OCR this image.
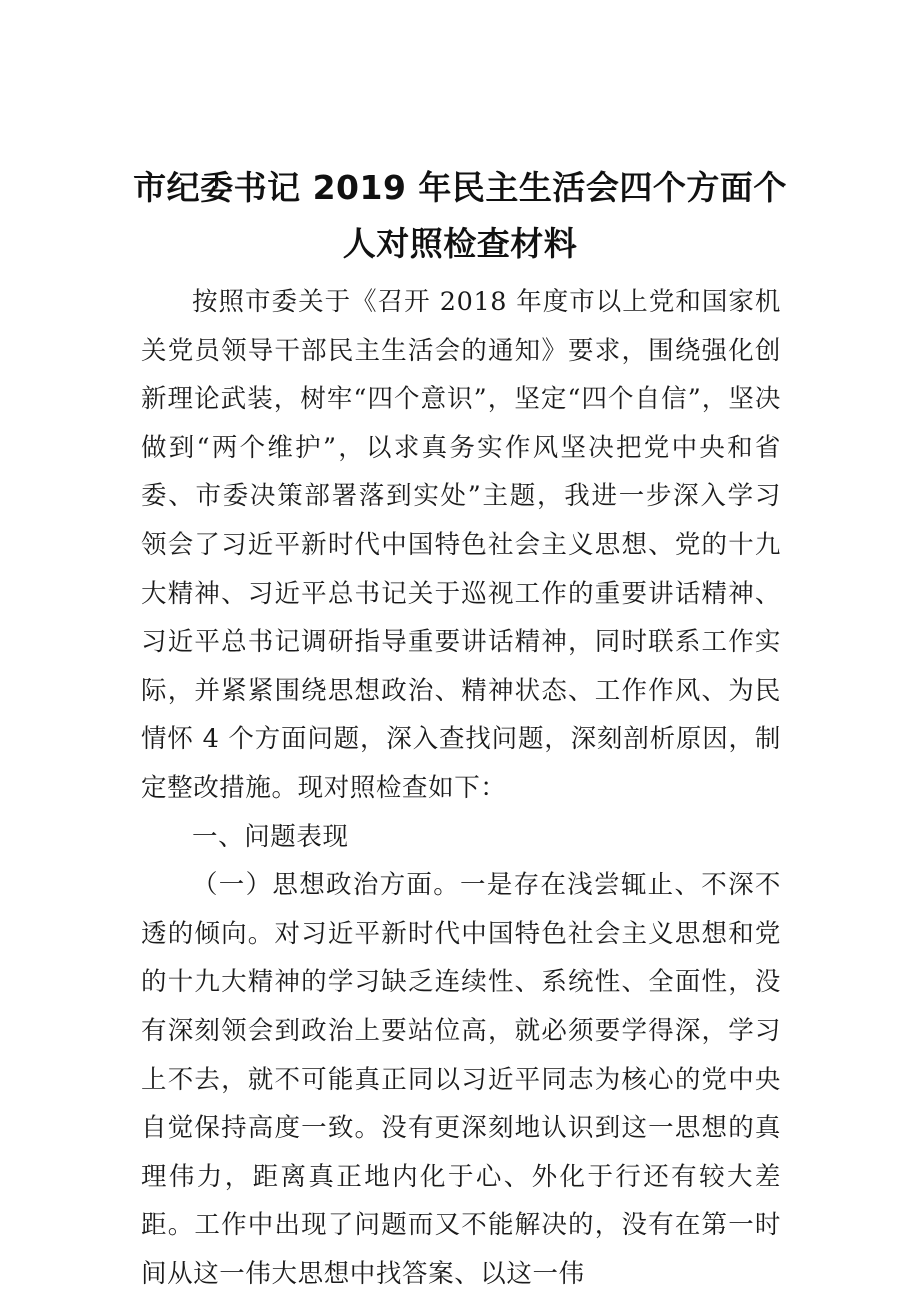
市纪委书记 2019 年民主生活会四个方面个人对照检查材料

按照市委关于《召开 2018 年度市以上党和国家机关党员领导干部民主生活会的通知》要求，围绕强化创新理论武装，树牢“四个意识”，坚定“四个自信”，坚决做到“两个维护”，以求真务实作风坚决把党中央和省委、市委决策部署落到实处”主题，我进一步深入学习领会了习近平新时代中国特色社会主义思想、党的十九大精神、习近平总书记关于巡视工作的重要讲话精神、习近平总书记调研指导重要讲话精神，同时联系工作实际，并紧紧围绕思想政治、精神状态、工作作风、为民情怀 4 个方面问题，深入查找问题，深刻剖析原因，制定整改措施。现对照检查如下：

一、问题表现

（一）思想政治方面。一是存在浅尝辄止、不深不透的倾向。对习近平新时代中国特色社会主义思想和党的十九大精神的学习缺乏连续性、系统性、全面性，没有深刻领会到政治上要站位高，就必须要学得深，学习上不去，就不可能真正同以习近平同志为核心的党中央自觉保持高度一致。没有更深刻地认识到这一思想的真理伟力，距离真正地内化于心、外化于行还有较大差距。工作中出现了问题而又不能解决的，没有在第一时间从这一伟大思想中找答案、以这一伟
